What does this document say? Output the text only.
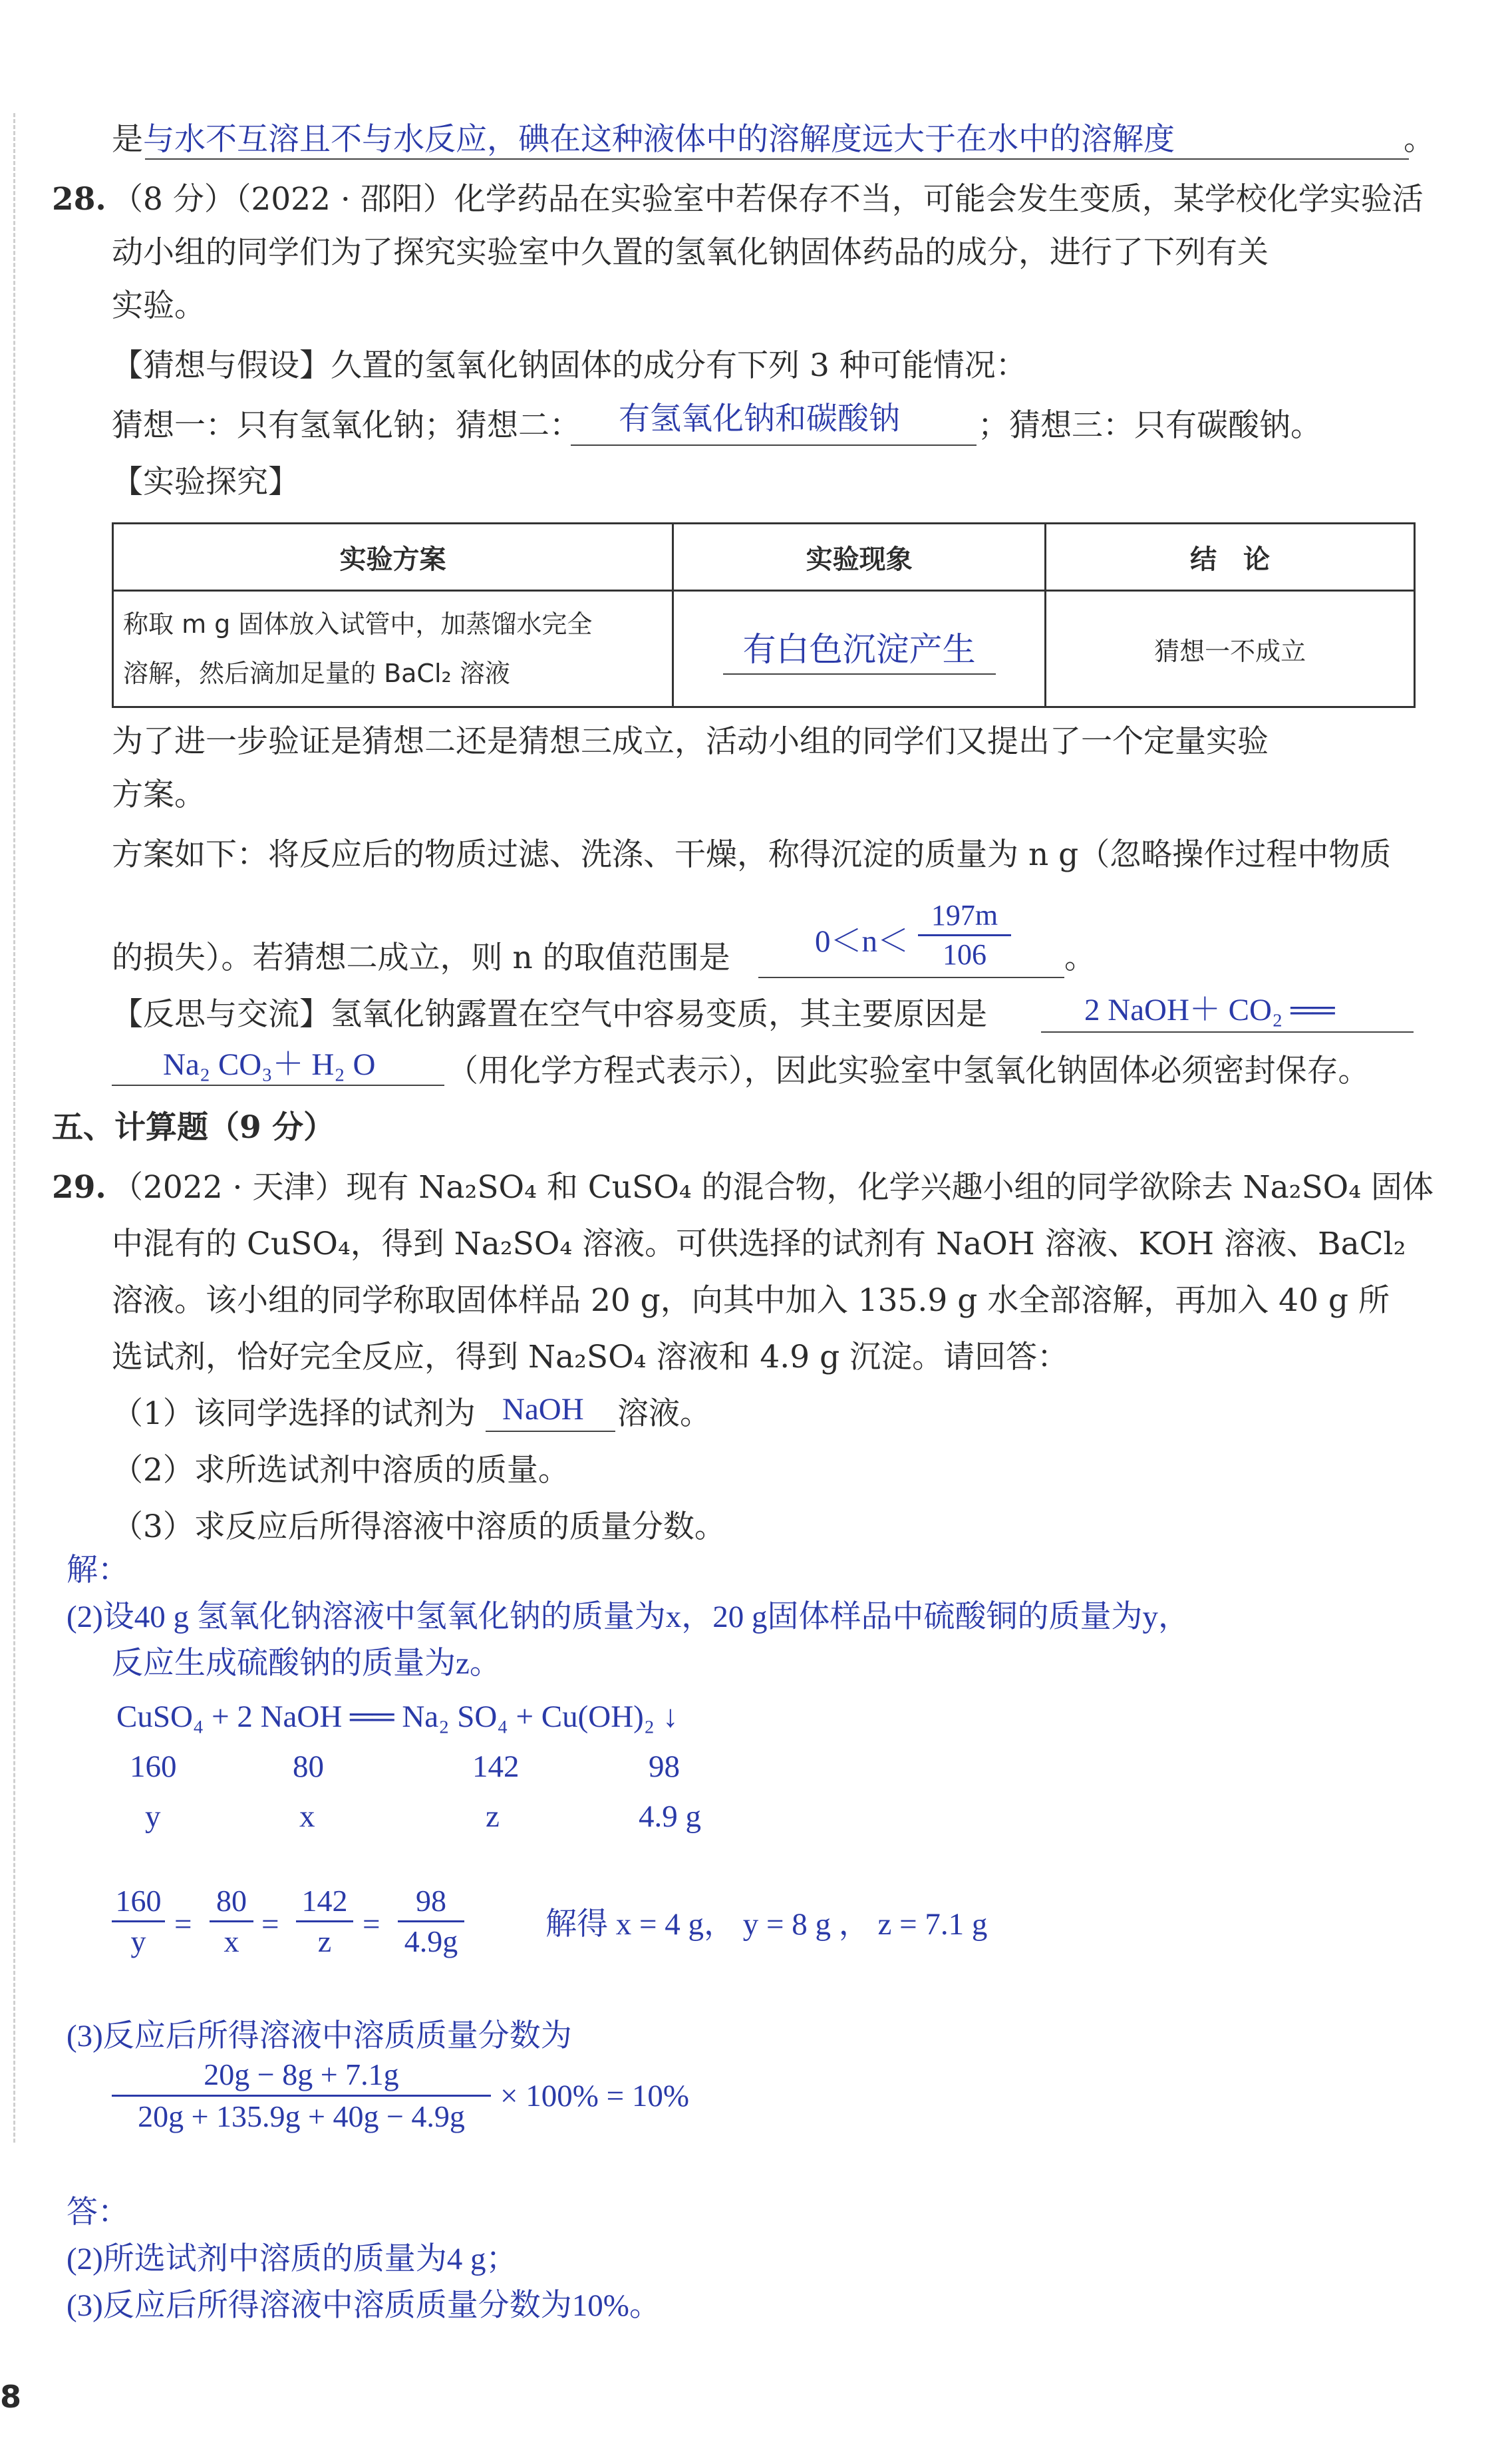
是与水不互溶且不与水反应，碘在这种液体中的溶解度远大于在水中的溶解度	。
28. （8 分）（2022 · 邵阳）化学药品在实验室中若保存不当，可能会发生变质，某学校化学实验活
动小组的同学们为了探究实验室中久置的氢氧化钠固体药品的成分，进行了下列有关
实验。
【猜想与假设】久置的氢氧化钠固体的成分有下列 3 种可能情况：
猜想一：只有氢氧化钠；猜想二： 有氢氧化钠和碳酸钠 ；猜想三：只有碳酸钠。
【实验探究】
实验方案	实验现象	结　论

称取 m g 固体放入试管中，加蒸馏水完全
溶解，然后滴加足量的 BaCl₂ 溶液	有白色沉淀产生	猜想一不成立
为了进一步验证是猜想二还是猜想三成立，活动小组的同学们又提出了一个定量实验
方案。
方案如下：将反应后的物质过滤、洗涤、干燥，称得沉淀的质量为 n g（忽略操作过程中物质
的损失）。若猜想二成立，则 n 的取值范围是	0＜n＜
197m
106	。
【反思与交流】氢氧化钠露置在空气中容易变质，其主要原因是	2 NaOH＋ CO₂ ══
Na₂ CO₃＋ H₂ O （用化学方程式表示），因此实验室中氢氧化钠固体必须密封保存。
五、计算题（9 分）
29. （2022 · 天津）现有 Na₂SO₄ 和 CuSO₄ 的混合物，化学兴趣小组的同学欲除去 Na₂SO₄ 固体
中混有的 CuSO₄，得到 Na₂SO₄ 溶液。可供选择的试剂有 NaOH 溶液、KOH 溶液、BaCl₂
溶液。该小组的同学称取固体样品 20 g，向其中加入 135.9 g 水全部溶解，再加入 40 g 所
选试剂，恰好完全反应，得到 Na₂SO₄ 溶液和 4.9 g 沉淀。请回答：
（1）该同学选择的试剂为 NaOH 溶液。
（2）求所选试剂中溶质的质量。
（3）求反应后所得溶液中溶质的质量分数。
解：
(2)设40 g 氢氧化钠溶液中氢氧化钠的质量为x，20 g固体样品中硫酸铜的质量为y，
反应生成硫酸钠的质量为z。
CuSO₄ + 2 NaOH ══ Na₂ SO₄ + Cu(OH)₂ ↓
160	80	142	98
y	x	z	4.9 g
160
y =
80
x =
142
z =
98
4.9g	解得 x = 4 g， y = 8 g ， z = 7.1 g
(3)反应后所得溶液中溶质质量分数为
20g − 8g + 7.1g
20g + 135.9g + 40g − 4.9g
× 100% = 10%
答：
(2)所选试剂中溶质的质量为4 g；
(3)反应后所得溶液中溶质质量分数为10%。
8
